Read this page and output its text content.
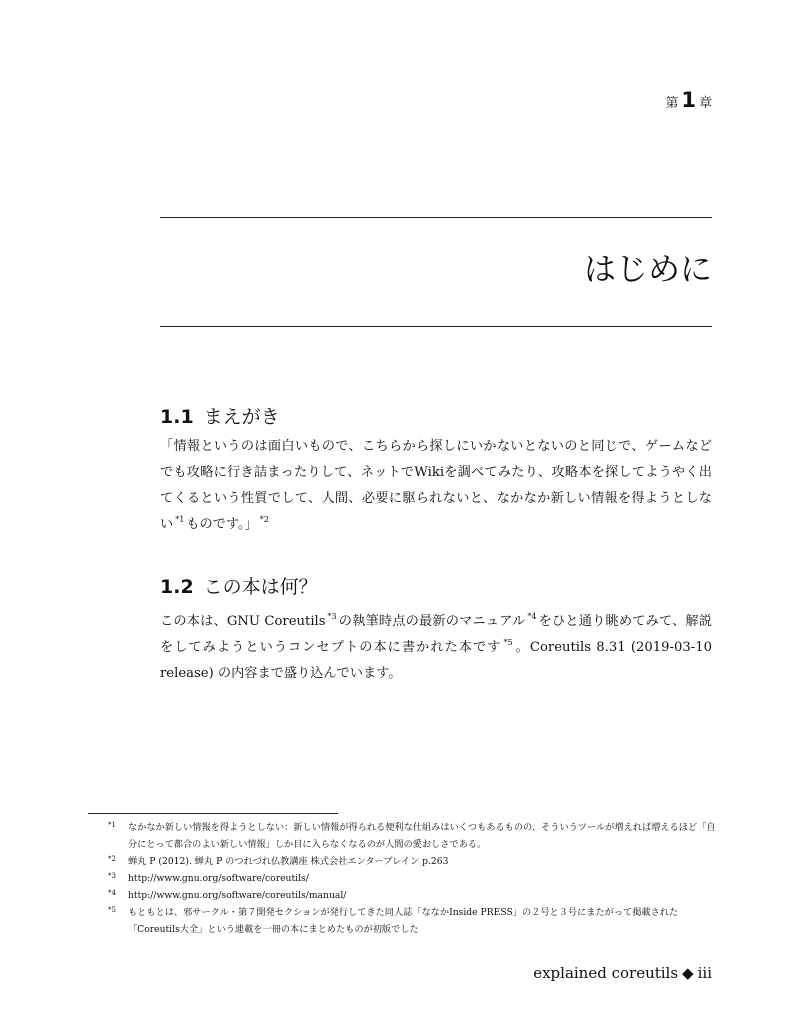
第 1 章
はじめに
1.1 まえがき

「情報というのは面白いもので、こちらから探しにいかないとないのと同じで、ゲームなどでも攻略に行き詰まったりして、ネットでWikiを調べてみたり、攻略本を探してようやく出てくるという性質でして、人間、必要に駆られないと、なかなか新しい情報を得ようとしない $^{*1}$ ものです。」 $^{*2}$

1.2 この本は何？

この本は、GNU Coreutils $^{*3}$ の執筆時点の最新のマニュアル $^{*4}$ をひと通り眺めてみて、解説をしてみようというコンセプトの本に書かれた本です $^{*5}$ 。Coreutils 8.31 (2019-03-10 release) の内容まで盛り込んでいます。

$^{*1}$	なかなか新しい情報を得ようとしない：新しい情報が得られる便利な仕組みはいくつもあるものの、そういうツールが増えれば増えるほど「自分にとって都合のよい新しい情報」しか目に入らなくなるのが人間の愛おしさである。
$^{*2}$	蝉丸 P (2012). 蝉丸 P のつれづれ仏教講座 株式会社エンターブレイン p.263
$^{*3}$	http://www.gnu.org/software/coreutils/
$^{*4}$	http://www.gnu.org/software/coreutils/manual/
$^{*5}$	もともとは、邪サークル・第７開発セクションが発行してきた同人誌「ななかInside PRESS」の２号と３号にまたがって掲載された「Coreutils大全」という連載を一冊の本にまとめたものが初版でした
explained coreutils ◆ iii
